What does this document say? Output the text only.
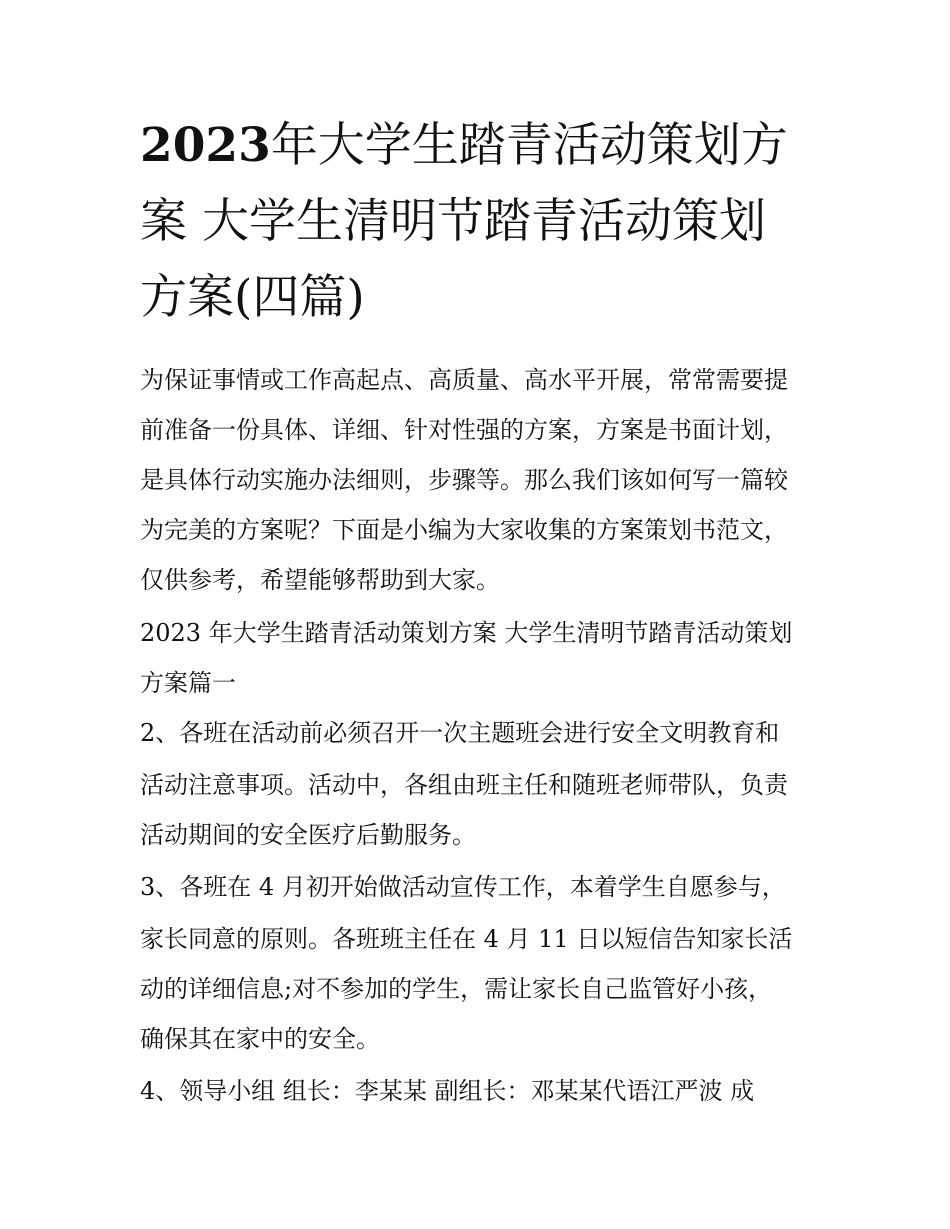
2023年大学生踏青活动策划方
案 大学生清明节踏青活动策划
方案(四篇)

为保证事情或工作高起点、高质量、高水平开展，常常需要提

前准备一份具体、详细、针对性强的方案，方案是书面计划，

是具体行动实施办法细则，步骤等。那么我们该如何写一篇较

为完美的方案呢？下面是小编为大家收集的方案策划书范文，

仅供参考，希望能够帮助到大家。

2023 年大学生踏青活动策划方案 大学生清明节踏青活动策划

方案篇一

2、各班在活动前必须召开一次主题班会进行安全文明教育和

活动注意事项。活动中，各组由班主任和随班老师带队，负责

活动期间的安全医疗后勤服务。

3、各班在 4 月初开始做活动宣传工作，本着学生自愿参与，

家长同意的原则。各班班主任在 4 月 11 日以短信告知家长活

动的详细信息;对不参加的学生，需让家长自己监管好小孩，

确保其在家中的安全。

4、领导小组 组长：李某某 副组长：邓某某代语江严波 成
